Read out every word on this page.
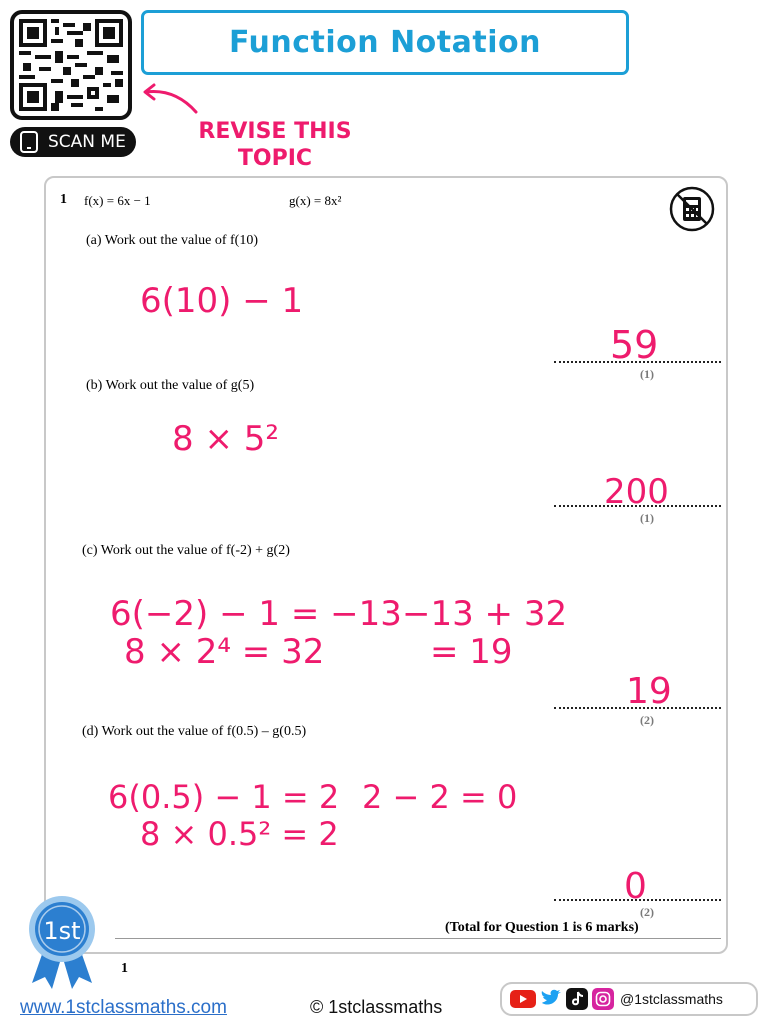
SCAN ME
Function Notation
REVISE THIS TOPIC
1 f(x) = 6x − 1	g(x) = 8x²
(a) Work out the value of f(10)
(b) Work out the value of g(5)
(c) Work out the value of f(-2) + g(2)
(d) Work out the value of f(0.5) – g(0.5)
(1)
(1)
(2)
(2)
(Total for Question 1 is 6 marks)
1
6(10) − 1
59
8 × 5²
200
6(−2) − 1 = −13
8 × 2⁴ = 32
−13 + 32
= 19
19
6(0.5) − 1 = 2
8 × 0.5² = 2
2 − 2 = 0
0
1st
www.1stclassmaths.com	© 1stclassmaths	@1stclassmaths
